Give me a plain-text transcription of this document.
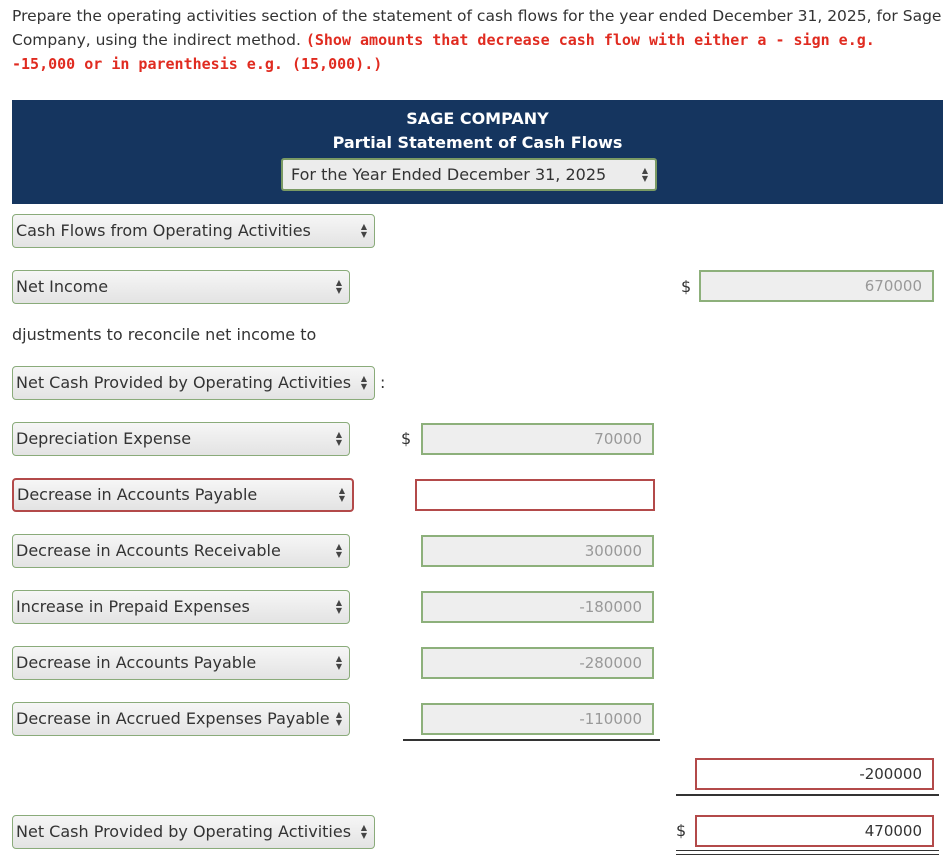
Prepare the operating activities section of the statement of cash flows for the year ended December 31, 2025, for Sage Company, using the indirect method. (Show amounts that decrease cash flow with either a - sign e.g. -15,000 or in parenthesis e.g. (15,000).)
SAGE COMPANY
Partial Statement of Cash Flows
For the Year Ended December 31, 2025	▲
▼
Cash Flows from Operating Activities	▲
▼
Net Income	▲
▼	$	670000
djustments to reconcile net income to
Net Cash Provided by Operating Activities ▲
▼ :
Depreciation Expense	▲
▼	$	70000
Decrease in Accounts Payable	▲
▼
Decrease in Accounts Receivable	▲
▼	300000
Increase in Prepaid Expenses	▲
▼	-180000
Decrease in Accounts Payable	▲
▼	-280000
Decrease in Accrued Expenses Payable ▲
▼	-110000
-200000
Net Cash Provided by Operating Activities ▲
▼	$	470000
